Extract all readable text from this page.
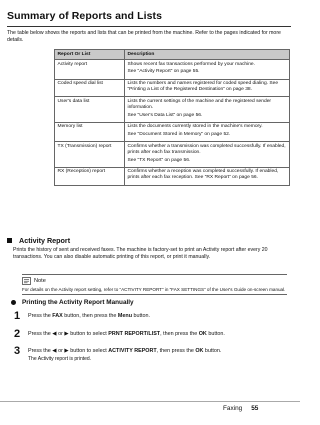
Summary of Reports and Lists
The table below shows the reports and lists that can be printed from the machine. Refer to the pages indicated for more details.
Report Or List	Description
Activity report	Shows recent fax transactions performed by your machine.

See “Activity Report” on page 55.

Coded speed dial list	Lists the numbers and names registered for coded speed dialing. See “Printing a List of the Registered Destination” on page 38.

User's data list	Lists the current settings of the machine and the registered sender information.

See “User's Data List” on page 56.

Memory list	Lists the documents currently stored in the machine's memory.

See “Document Stored in Memory” on page 52.

TX (Transmission) report	Confirms whether a transmission was completed successfully. If enabled, prints after each fax transmission.

See “TX Report” on page 56.

RX (Reception) report	Confirms whether a reception was completed successfully. If enabled, prints after each fax reception. See “RX Report” on page 56.

Activity Report
Prints the history of sent and received faxes. The machine is factory-set to print an Activity report after every 20 transactions. You can also disable automatic printing of this report, or print it manually.
Note
For details on the Activity report setting, refer to “ACTIVITY REPORT” in “FAX SETTINGS” of the User's Guide on-screen manual.
Printing the Activity Report Manually
1	Press the FAX button, then press the Menu button.
2	Press the ◀ or ▶ button to select PRNT REPORT/LIST, then press the OK button.
3	Press the ◀ or ▶ button to select ACTIVITY REPORT, then press the OK button.
The Activity report is printed.
Faxing 55
